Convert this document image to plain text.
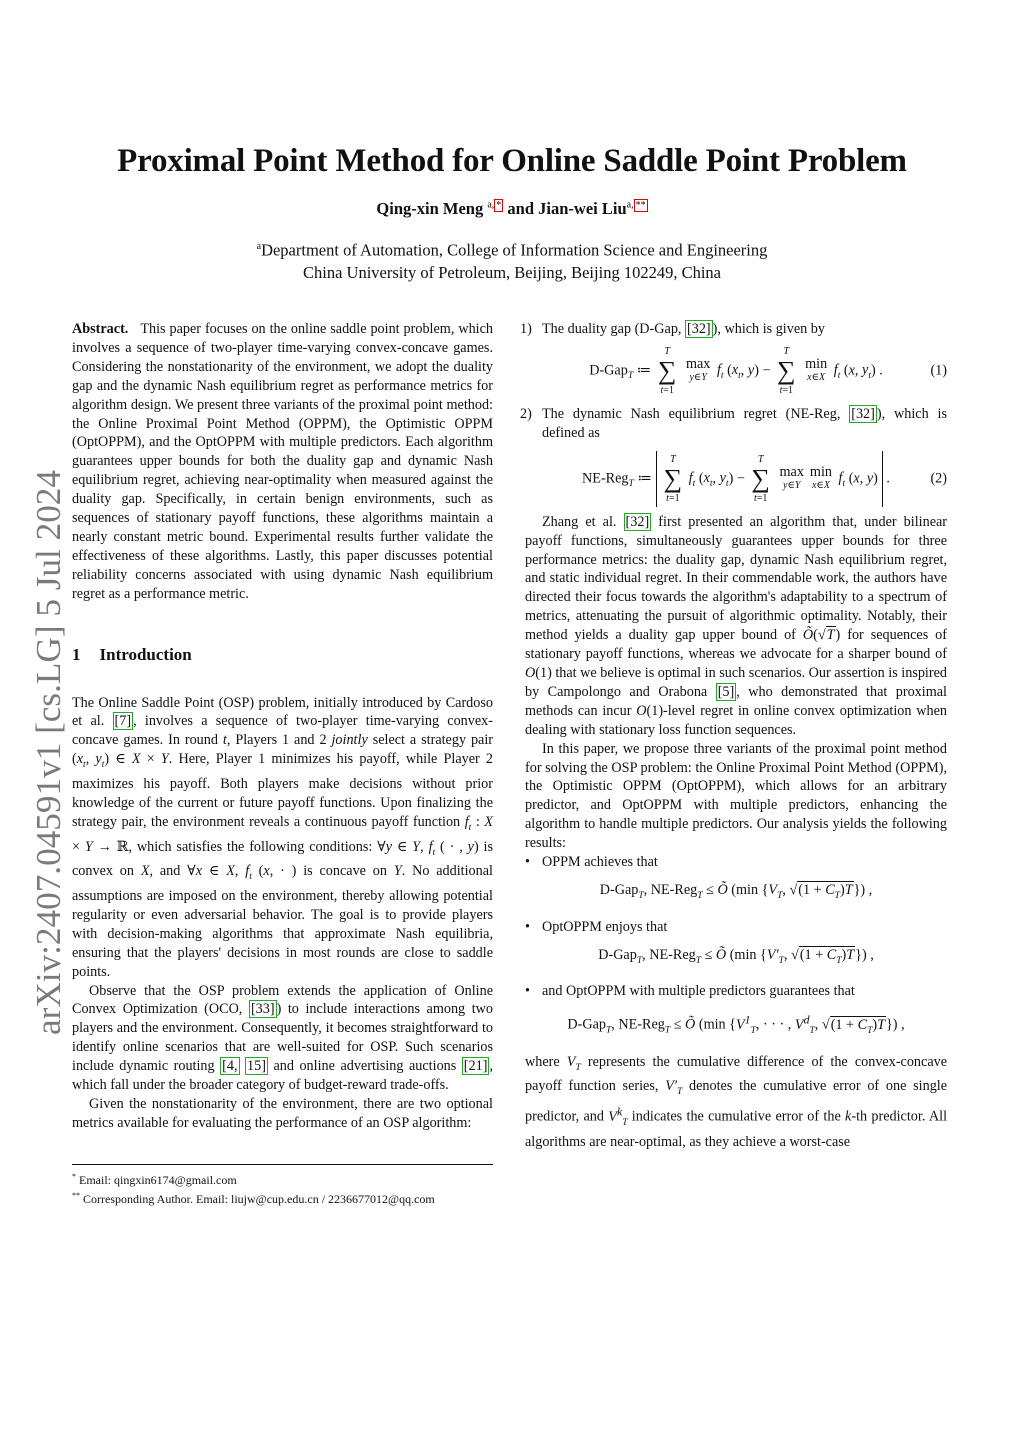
arXiv:2407.04591v1 [cs.LG] 5 Jul 2024
Proximal Point Method for Online Saddle Point Problem
Qing-xin Meng $^{a,}$ * and Jian-wei Liu$^{a,}$ **
$^a$Department of Automation, College of Information Science and Engineering
China University of Petroleum, Beijing, Beijing 102249, China

Abstract. This paper focuses on the online saddle point problem, which involves a sequence of two-player time-varying convex-concave games. Considering the nonstationarity of the environment, we adopt the duality gap and the dynamic Nash equilibrium regret as performance metrics for algorithm design. We present three variants of the proximal point method: the Online Proximal Point Method (OPPM), the Optimistic OPPM (OptOPPM), and the OptOPPM with multiple predictors. Each algorithm guarantees upper bounds for both the duality gap and dynamic Nash equilibrium regret, achieving near-optimality when measured against the duality gap. Specifically, in certain benign environments, such as sequences of stationary payoff functions, these algorithms maintain a nearly constant metric bound. Experimental results further validate the effectiveness of these algorithms. Lastly, this paper discusses potential reliability concerns associated with using dynamic Nash equilibrium regret as a performance metric.

1 Introduction

The Online Saddle Point (OSP) problem, initially introduced by Cardoso et al. [7] , involves a sequence of two-player time-varying convex-concave games. In round t, Players 1 and 2 jointly select a strategy pair ($x_t$, $y_t$) ∈ X × Y. Here, Player 1 minimizes his payoff, while Player 2 maximizes his payoff. Both players make decisions without prior knowledge of the current or future payoff functions. Upon finalizing the strategy pair, the environment reveals a continuous payoff function $f_t$ : X × Y → ℝ, which satisfies the following conditions: ∀y ∈ Y, $f_t$ ( · , y) is convex on X, and ∀x ∈ X, $f_t$ (x, · ) is concave on Y. No additional assumptions are imposed on the environment, thereby allowing potential regularity or even adversarial behavior. The goal is to provide players with decision-making algorithms that approximate Nash equilibria, ensuring that the players' decisions in most rounds are close to saddle points.

Observe that the OSP problem extends the application of Online Convex Optimization (OCO, [33] ) to include interactions among two players and the environment. Consequently, it becomes straightforward to identify online scenarios that are well-suited for OSP. Such scenarios include dynamic routing [4, 15] and online advertising auctions [21] , which fall under the broader category of budget-reward trade-offs.

Given the nonstationarity of the environment, there are two optional metrics available for evaluating the performance of an OSP algorithm:

* Email: qingxin6174@gmail.com
** Corresponding Author. Email: liujw@cup.edu.cn / 2236677012@qq.com
1) The duality gap (D-Gap, [32] ), which is given by
D-Gap$_T$ ≔
T
∑
t=1
max
y∈Y $f_t$ ($x_t$, y) −
T
∑
t=1
min
x∈X $f_t$ (x, $y_t$) .	(1)
2) The dynamic Nash equilibrium regret (NE-Reg, [32] ), which is defined as
NE-Reg$_T$ ≔
T
∑
t=1
$f_t$ ($x_t$, $y_t$) −
T
∑
t=1
max
y∈Y
min
x∈X $f_t$ (x, y) .	(2)

Zhang et al. [32] first presented an algorithm that, under bilinear payoff functions, simultaneously guarantees upper bounds for three performance metrics: the duality gap, dynamic Nash equilibrium regret, and static individual regret. In their commendable work, the authors have directed their focus towards the algorithm's adaptability to a spectrum of metrics, attenuating the pursuit of algorithmic optimality. Notably, their method yields a duality gap upper bound of Õ(√T) for sequences of stationary payoff functions, whereas we advocate for a sharper bound of O(1) that we believe is optimal in such scenarios. Our assertion is inspired by Campolongo and Orabona [5] , who demonstrated that proximal methods can incur O(1)-level regret in online convex optimization when dealing with stationary loss function sequences.

In this paper, we propose three variants of the proximal point method for solving the OSP problem: the Online Proximal Point Method (OPPM), the Optimistic OPPM (OptOPPM), which allows for an arbitrary predictor, and OptOPPM with multiple predictors, enhancing the algorithm to handle multiple predictors. Our analysis yields the following results:

• OPPM achieves that
D-Gap$_T$, NE-Reg$_T$ ≤ Õ (min {$V_T$, $√(1 + C_T)T$}) ,
• OptOPPM enjoys that
D-Gap$_T$, NE-Reg$_T$ ≤ Õ (min {$V'_T$, $√(1 + C_T)T$}) ,
• and OptOPPM with multiple predictors guarantees that
D-Gap$_T$, NE-Reg$_T$ ≤ Õ (min {$V^1_T$, · · · , $V^d_T$, $√(1 + C_T)T$}) ,

where $V_T$ represents the cumulative difference of the convex-concave payoff function series, $V'_T$ denotes the cumulative error of one single predictor, and $V^k_T$ indicates the cumulative error of the k-th predictor. All algorithms are near-optimal, as they achieve a worst-case
